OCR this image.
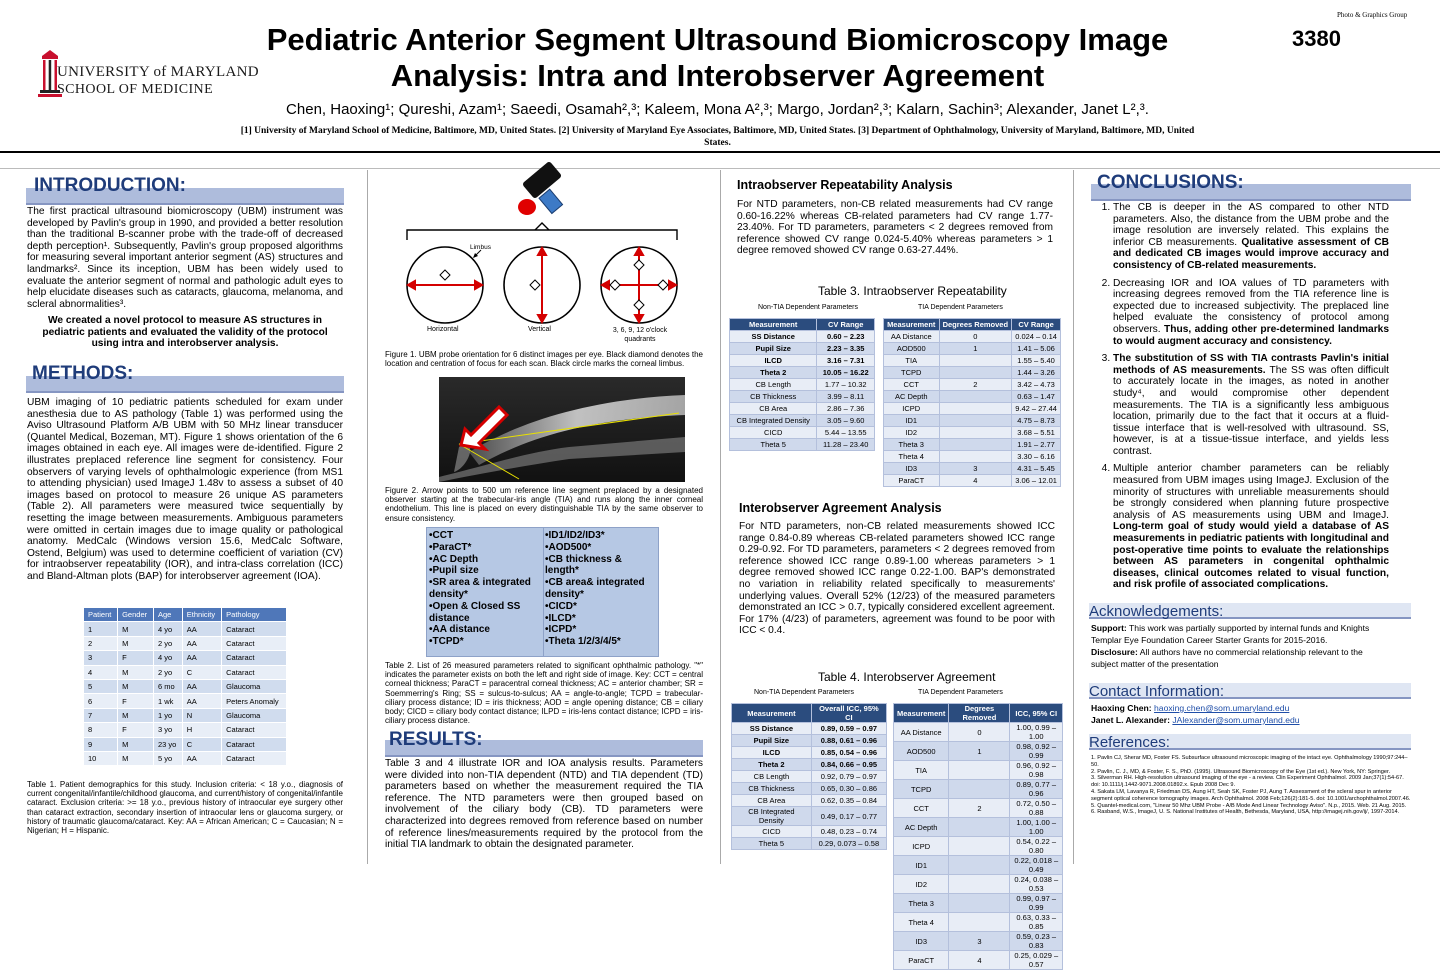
UNIVERSITY of MARYLAND
SCHOOL OF MEDICINE
Pediatric Anterior Segment Ultrasound Biomicroscopy Image
Analysis: Intra and Interobserver Agreement
Chen, Haoxing¹; Qureshi, Azam¹; Saeedi, Osamah²,³; Kaleem, Mona A²,³; Margo, Jordan²,³; Kalarn, Sachin³; Alexander, Janet L²,³.
[1] University of Maryland School of Medicine, Baltimore, MD, United States. [2] University of Maryland Eye Associates, Baltimore, MD, United States. [3] Department of Ophthalmology, University of Maryland, Baltimore, MD, United States.
3380
Photo & Graphics Group
INTRODUCTION:
The first practical ultrasound biomicroscopy (UBM) instrument was developed by Pavlin's group in 1990, and provided a better resolution than the traditional B-scanner probe with the trade-off of decreased depth perception¹. Subsequently, Pavlin's group proposed algorithms for measuring several important anterior segment (AS) structures and landmarks². Since its inception, UBM has been widely used to evaluate the anterior segment of normal and pathologic adult eyes to help elucidate diseases such as cataracts, glaucoma, melanoma, and scleral abnormalities³.
We created a novel protocol to measure AS structures in pediatric patients and evaluated the validity of the protocol using intra and interobserver analysis.
METHODS:
UBM imaging of 10 pediatric patients scheduled for exam under anesthesia due to AS pathology (Table 1) was performed using the Aviso Ultrasound Platform A/B UBM with 50 MHz linear transducer (Quantel Medical, Bozeman, MT). Figure 1 shows orientation of the 6 images obtained in each eye. All images were de-identified. Figure 2 illustrates preplaced reference line segment for consistency. Four observers of varying levels of ophthalmologic experience (from MS1 to attending physician) used ImageJ 1.48v to assess a subset of 40 images based on protocol to measure 26 unique AS parameters (Table 2). All parameters were measured twice sequentially by resetting the image between measurements. Ambiguous parameters were omitted in certain images due to image quality or pathological anatomy. MedCalc (Windows version 15.6, MedCalc Software, Ostend, Belgium) was used to determine coefficient of variation (CV) for intraobserver repeatability (IOR), and intra-class correlation (ICC) and Bland-Altman plots (BAP) for interobserver agreement (IOA).
Patient	Gender	Age	Ethnicity	Pathology
1	M	4 yo	AA	Cataract
2	M	2 yo	AA	Cataract
3	F	4 yo	AA	Cataract
4	M	2 yo	C	Cataract
5	M	6 mo	AA	Glaucoma
6	F	1 wk	AA	Peters Anomaly
7	M	1 yo	N	Glaucoma
8	F	3 yo	H	Cataract
9	M	23 yo	C	Cataract
10	M	5 yo	AA	Cataract
Table 1. Patient demographics for this study. Inclusion criteria: < 18 y.o., diagnosis of current congenital/infantile/childhood glaucoma, and current/history of congenital/infantile cataract. Exclusion criteria: >= 18 y.o., previous history of intraocular eye surgery other than cataract extraction, secondary insertion of intraocular lens or glaucoma surgery, or history of traumatic glaucoma/cataract. Key: AA = African American; C = Caucasian; N = Nigerian; H = Hispanic.
Limbus
Horizontal	Vertical	3, 6, 9, 12 o'clock quadrants
Figure 1. UBM probe orientation for 6 distinct images per eye. Black diamond denotes the location and centration of focus for each scan. Black circle marks the corneal limbus.
Figure 2. Arrow points to 500 um reference line segment preplaced by a designated observer starting at the trabecular-iris angle (TIA) and runs along the inner corneal endothelium. This line is placed on every distinguishable TIA by the same observer to ensure consistency.
• CCT
• ParaCT*
• AC Depth
• Pupil size
• SR area & integrated density*
• Open & Closed SS distance
• AA distance
• TCPD*
• ID1/ID2/ID3*
• AOD500*
• CB thickness & length*
• CB area& integrated density*
• CICD*
• ILCD*
• ICPD*
• Theta 1/2/3/4/5*
Table 2. List of 26 measured parameters related to significant ophthalmic pathology. "*" indicates the parameter exists on both the left and right side of image. Key: CCT = central corneal thickness; ParaCT = paracentral corneal thickness; AC = anterior chamber; SR = Soemmerring's Ring; SS = sulcus-to-sulcus; AA = angle-to-angle; TCPD = trabecular-ciliary process distance; ID = iris thickness; AOD = angle opening distance; CB = ciliary body; CICD = ciliary body contact distance; ILPD = iris-lens contact distance; ICPD = iris-ciliary process distance.
RESULTS:
Table 3 and 4 illustrate IOR and IOA analysis results. Parameters were divided into non-TIA dependent (NTD) and TIA dependent (TD) parameters based on whether the measurement required the TIA reference. The NTD parameters were then grouped based on involvement of the ciliary body (CB). TD parameters were characterized into degrees removed from reference based on number of reference lines/measurements required by the protocol from the initial TIA landmark to obtain the designated parameter.
Intraobserver Repeatability Analysis
For NTD parameters, non-CB related measurements had CV range 0.60-16.22% whereas CB-related parameters had CV range 1.77-23.40%. For TD parameters, parameters < 2 degrees removed from reference showed CV range 0.024-5.40% whereas parameters > 1 degree removed showed CV range 0.63-27.44%.
Table 3. Intraobserver Repeatability
Non-TIA Dependent Parameters	TIA Dependent Parameters
Measurement	CV Range
SS Distance	0.60 – 2.23
Pupil Size	2.23 – 3.35
ILCD	3.16 – 7.31
Theta 2	10.05 – 16.22
CB Length	1.77 – 10.32
CB Thickness	3.99 – 8.11
CB Area	2.86 – 7.36
CB Integrated Density	3.05 – 9.60
CICD	5.44 – 13.55
Theta 5	11.28 – 23.40
Measurement	Degrees Removed	CV Range
AA Distance	0	0.024 – 0.14
AOD500	1	1.41 – 5.06
TIA		1.55 – 5.40
TCPD		1.44 – 3.26
CCT	2	3.42 – 4.73
AC Depth		0.63 – 1.47
ICPD		9.42 – 27.44
ID1		4.75 – 8.73
ID2		3.68 – 5.51
Theta 3		1.91 – 2.77
Theta 4		3.30 – 6.16
ID3	3	4.31 – 5.45
ParaCT	4	3.06 – 12.01
Interobserver Agreement Analysis
For NTD parameters, non-CB related measurements showed ICC range 0.84-0.89 whereas CB-related parameters showed ICC range 0.29-0.92. For TD parameters, parameters < 2 degrees removed from reference showed ICC range 0.89-1.00 whereas parameters > 1 degree removed showed ICC range 0.22-1.00. BAP's demonstrated no variation in reliability related specifically to measurements' underlying values. Overall 52% (12/23) of the measured parameters demonstrated an ICC > 0.7, typically considered excellent agreement. For 17% (4/23) of parameters, agreement was found to be poor with ICC < 0.4.
Table 4. Interobserver Agreement
Non-TIA Dependent Parameters	TIA Dependent Parameters
Measurement	Overall ICC, 95% CI
SS Distance	0.89, 0.59 – 0.97
Pupil Size	0.88, 0.61 – 0.96
ILCD	0.85, 0.54 – 0.96
Theta 2	0.84, 0.66 – 0.95
CB Length	0.92, 0.79 – 0.97
CB Thickness	0.65, 0.30 – 0.86
CB Area	0.62, 0.35 – 0.84
CB Integrated Density	0.49, 0.17 – 0.77
CICD	0.48, 0.23 – 0.74
Theta 5	0.29, 0.073 – 0.58
Measurement	Degrees Removed	ICC, 95% CI
AA Distance	0	1.00, 0.99 – 1.00
AOD500	1	0.98, 0.92 – 0.99
TIA		0.96, 0.92 – 0.98
TCPD		0.89, 0.77 – 0.96
CCT	2	0.72, 0.50 – 0.88
AC Depth		1.00, 1.00 – 1.00
ICPD		0.54, 0.22 – 0.80
ID1		0.22, 0.018 – 0.49
ID2		0.24, 0.038 – 0.53
Theta 3		0.99, 0.97 – 0.99
Theta 4		0.63, 0.33 – 0.85
ID3	3	0.59, 0.23 – 0.83
ParaCT	4	0.25, 0.029 – 0.57
CONCLUSIONS:
1. The CB is deeper in the AS compared to other NTD parameters. Also, the distance from the UBM probe and the image resolution are inversely related. This explains the inferior CB measurements. Qualitative assessment of CB and dedicated CB images would improve accuracy and consistency of CB-related measurements.
2. Decreasing IOR and IOA values of TD parameters with increasing degrees removed from the TIA reference line is expected due to increased subjectivity. The preplaced line helped evaluate the consistency of protocol among observers. Thus, adding other pre-determined landmarks to would augment accuracy and consistency.
3. The substitution of SS with TIA contrasts Pavlin's initial methods of AS measurements. The SS was often difficult to accurately locate in the images, as noted in another study⁴, and would compromise other dependent measurements. The TIA is a significantly less ambiguous location, primarily due to the fact that it occurs at a fluid-tissue interface that is well-resolved with ultrasound. SS, however, is at a tissue-tissue interface, and yields less contrast.
4. Multiple anterior chamber parameters can be reliably measured from UBM images using ImageJ. Exclusion of the minority of structures with unreliable measurements should be strongly considered when planning future prospective analysis of AS measurements using UBM and ImageJ. Long-term goal of study would yield a database of AS measurements in pediatric patients with longitudinal and post-operative time points to evaluate the relationships between AS parameters in congenital ophthalmic diseases, clinical outcomes related to visual function, and risk profile of associated complications.
Acknowledgements:
Support: This work was partially supported by internal funds and Knights Templar Eye Foundation Career Starter Grants for 2015-2016.
Disclosure: All authors have no commercial relationship relevant to the subject matter of the presentation
Contact Information:
Haoxing Chen: haoxing.chen@som.umaryland.edu
Janet L. Alexander: JAlexander@som.umaryland.edu
References:
1. Pavlin CJ, Sherar MD, Foster FS. Subsurface ultrasound microscopic imaging of the intact eye. Ophthalmology 1990;97:244–50.
2. Pavlin, C. J., MD, & Foster, F. S., PhD. (1995). Ultrasound Biomicroscopy of the Eye (1st ed.). New York, NY: Springer.
3. Silverman RH. High-resolution ultrasound imaging of the eye - a review. Clin Experiment Ophthalmol. 2009 Jan;37(1):54-67. doi: 10.1111/j.1442-9071.2008.01892.x. Epub 2008 Dec 9.
4. Sakata LM, Lavanya R, Friedman DS, Aung HT, Seah SK, Foster PJ, Aung T. Assessment of the scleral spur in anterior segment optical coherence tomography images. Arch Ophthalmol. 2008 Feb;126(2):181-5. doi: 10.1001/archophthalmol.2007.46.
5. Quantel-medical.com, "Linear 50 Mhz UBM Probe - A/B Mode And Linear Technology Aviso". N.p., 2015. Web. 21 Aug. 2015.
6. Rasband, W.S., ImageJ, U. S. National Institutes of Health, Bethesda, Maryland, USA, http://imagej.nih.gov/ij/, 1997-2014.
